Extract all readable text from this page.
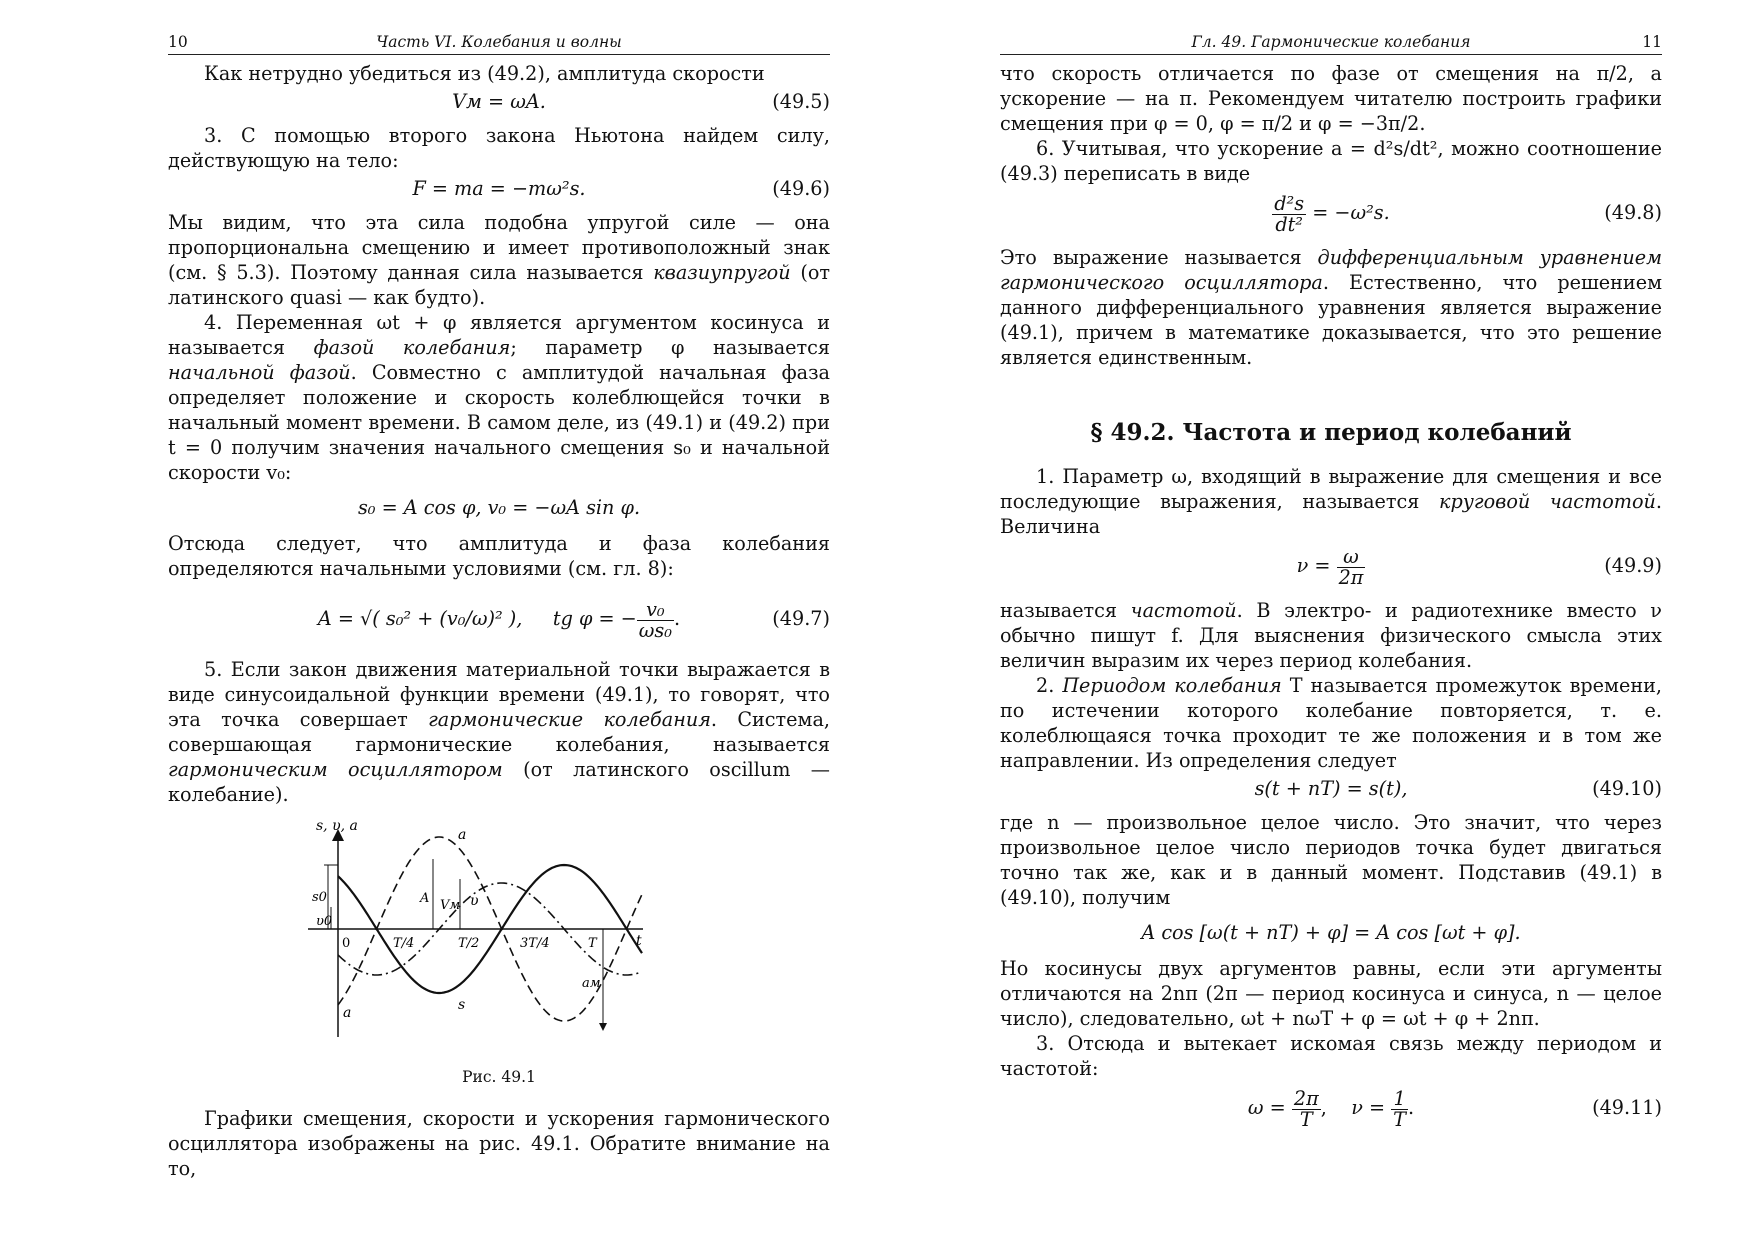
10	Часть VI. Колебания и волны

Как нетрудно убедиться из (49.2), амплитуда скорости

Vм = ωA.	(49.5)

3. С помощью второго закона Ньютона найдем силу, действующую на тело:

F = ma = −mω²s.	(49.6)

Мы видим, что эта сила подобна упругой силе — она пропорциональна смещению и имеет противоположный знак (см. § 5.3). Поэтому данная сила называется квазиупругой (от латинского quasi — как будто).

4. Переменная ωt + φ является аргументом косинуса и называется фазой колебания; параметр φ называется начальной фазой. Совместно с амплитудой начальная фаза определяет положение и скорость колеблющейся точки в начальный момент времени. В самом деле, из (49.1) и (49.2) при t = 0 получим значения начального смещения s₀ и начальной скорости v₀:

s₀ = A cos φ, v₀ = −ωA sin φ.

Отсюда следует, что амплитуда и фаза колебания определяются начальными условиями (см. гл. 8):

A = √( s₀² + (v₀/ω)² ), tg φ = − $\frac{\text{v₀}}{\text{ωs₀}}$ .	(49.7)

5. Если закон движения материальной точки выражается в виде синусоидальной функции времени (49.1), то говорят, что эта точка совершает гармонические колебания. Система, совершающая гармонические колебания, называется гармоническим осциллятором (от латинского oscillum — колебание).

s, υ, a
t
0	T/4	T/2	3T/4	T
s0
υ0
A Vм υ
a
a	s
aм
Рис. 49.1

Графики смещения, скорости и ускорения гармонического осциллятора изображены на рис. 49.1. Обратите внимание на то,

Гл. 49. Гармонические колебания	11

что скорость отличается по фазе от смещения на π/2, а ускорение — на π. Рекомендуем читателю построить графики смещения при φ = 0, φ = π/2 и φ = −3π/2.

6. Учитывая, что ускорение a = d²s/dt², можно соотношение (49.3) переписать в виде

$\frac{\text{d²s}}{\text{dt²}} = -\omega^2s$.	(49.8)

Это выражение называется дифференциальным уравнением гармонического осциллятора. Естественно, что решением данного дифференциального уравнения является выражение (49.1), причем в математике доказывается, что это решение является единственным.

§ 49.2. Частота и период колебаний

1. Параметр ω, входящий в выражение для смещения и все последующие выражения, называется круговой частотой. Величина

$\nu = \frac{\omega}{2\pi}$	(49.9)

называется частотой. В электро- и радиотехнике вместо ν обычно пишут f. Для выяснения физического смысла этих величин выразим их через период колебания.

2. Периодом колебания T называется промежуток времени, по истечении которого колебание повторяется, т. е. колеблющаяся точка проходит те же положения и в том же направлении. Из определения следует

s(t + nT) = s(t),	(49.10)

где n — произвольное целое число. Это значит, что через произвольное целое число периодов точка будет двигаться точно так же, как и в данный момент. Подставив (49.1) в (49.10), получим

A cos [ω(t + nT) + φ] = A cos [ωt + φ].

Но косинусы двух аргументов равны, если эти аргументы отличаются на 2nπ (2π — период косинуса и синуса, n — целое число), следовательно, ωt + nωT + φ = ωt + φ + 2nπ.

3. Отсюда и вытекает искомая связь между периодом и частотой:

$\omega = \frac{2\pi}{T}$ , $\nu = \frac{1}{T}$ .	(49.11)
